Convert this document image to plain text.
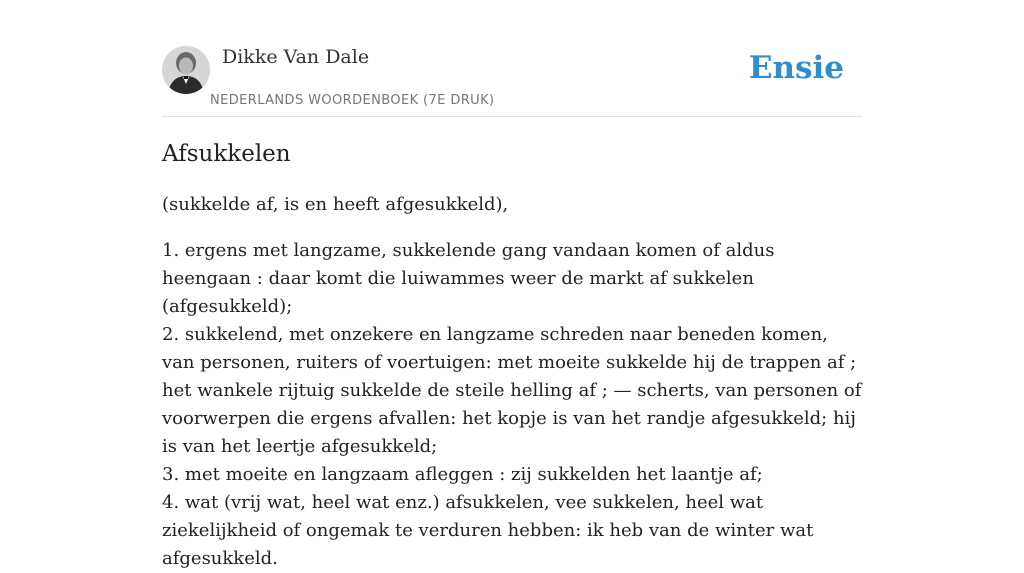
Dikke Van Dale
NEDERLANDS WOORDENBOEK (7E DRUK)
Ensie
Afsukkelen

(sukkelde af, is en heeft afgesukkeld),

1. ergens met langzame, sukkelende gang vandaan komen of aldus heengaan : daar komt die luiwammes weer de markt af sukkelen (afgesukkeld);
2. sukkelend, met onzekere en langzame schreden naar beneden komen, van personen, ruiters of voertuigen: met moeite sukkelde hij de trappen af ; het wankele rijtuig sukkelde de steile helling af ; — scherts, van personen of voorwerpen die ergens afvallen: het kopje is van het randje afgesukkeld; hij is van het leertje afgesukkeld;
3. met moeite en langzaam afleggen : zij sukkelden het laantje af;
4. wat (vrij wat, heel wat enz.) afsukkelen, vee sukkelen, heel wat ziekelijkheid of ongemak te verduren hebben: ik heb van de winter wat afgesukkeld.
